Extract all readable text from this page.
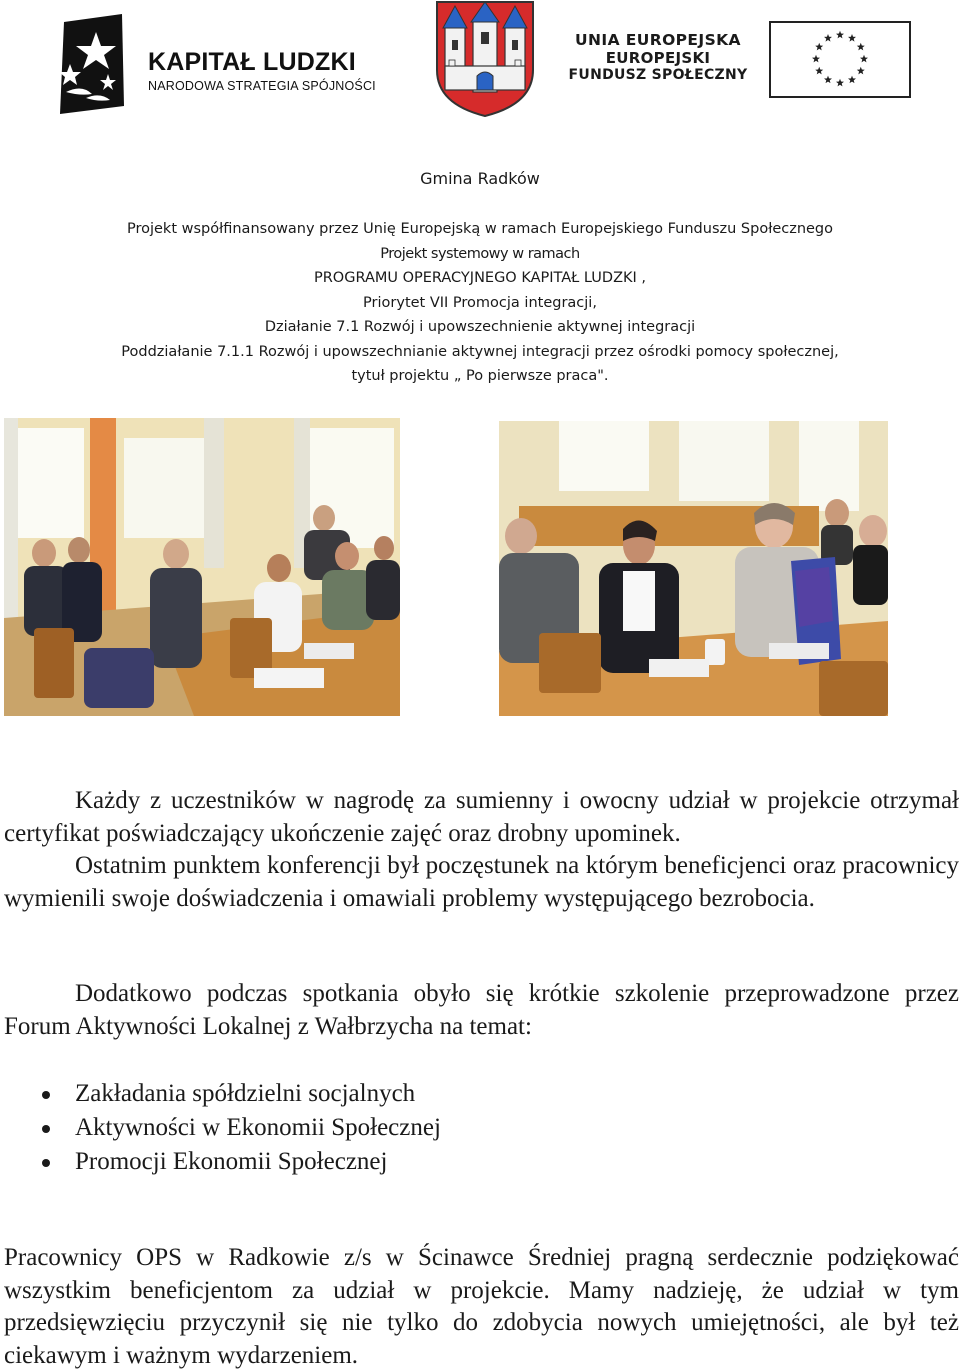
KAPITAŁ LUDZKI
NARODOWA STRATEGIA SPÓJNOŚCI
UNIA EUROPEJSKA
EUROPEJSKI
FUNDUSZ SPOŁECZNY
Gmina Radków
Projekt współfinansowany przez Unię Europejską w ramach Europejskiego Funduszu Społecznego
Projekt systemowy w ramach
PROGRAMU OPERACYJNEGO KAPITAŁ LUDZKI ,
Priorytet VII Promocja integracji,
Działanie 7.1 Rozwój i upowszechnienie aktywnej integracji
Poddziałanie 7.1.1 Rozwój i upowszechnianie aktywnej integracji przez ośrodki pomocy społecznej,
tytuł projektu „ Po pierwsze praca".

Każdy z uczestników w nagrodę za sumienny i owocny udział w projekcie otrzymał certyfikat poświadczający ukończenie zajęć oraz drobny upominek.

Ostatnim punktem konferencji był poczęstunek na którym beneficjenci oraz pracownicy wymienili swoje doświadczenia i omawiali problemy występującego bezrobocia.

Dodatkowo podczas spotkania obyło się krótkie szkolenie przeprowadzone przez Forum Aktywności Lokalnej z Wałbrzycha na temat:

Zakładania spółdzielni socjalnych
Aktywności w Ekonomii Społecznej
Promocji Ekonomii Społecznej

Pracownicy OPS w Radkowie z/s w Ścinawce Średniej pragną serdecznie podziękować wszystkim beneficjentom za udział w projekcie. Mamy nadzieję, że udział w tym przedsięwzięciu przyczynił się nie tylko do zdobycia nowych umiejętności, ale był też ciekawym i ważnym wydarzeniem.
